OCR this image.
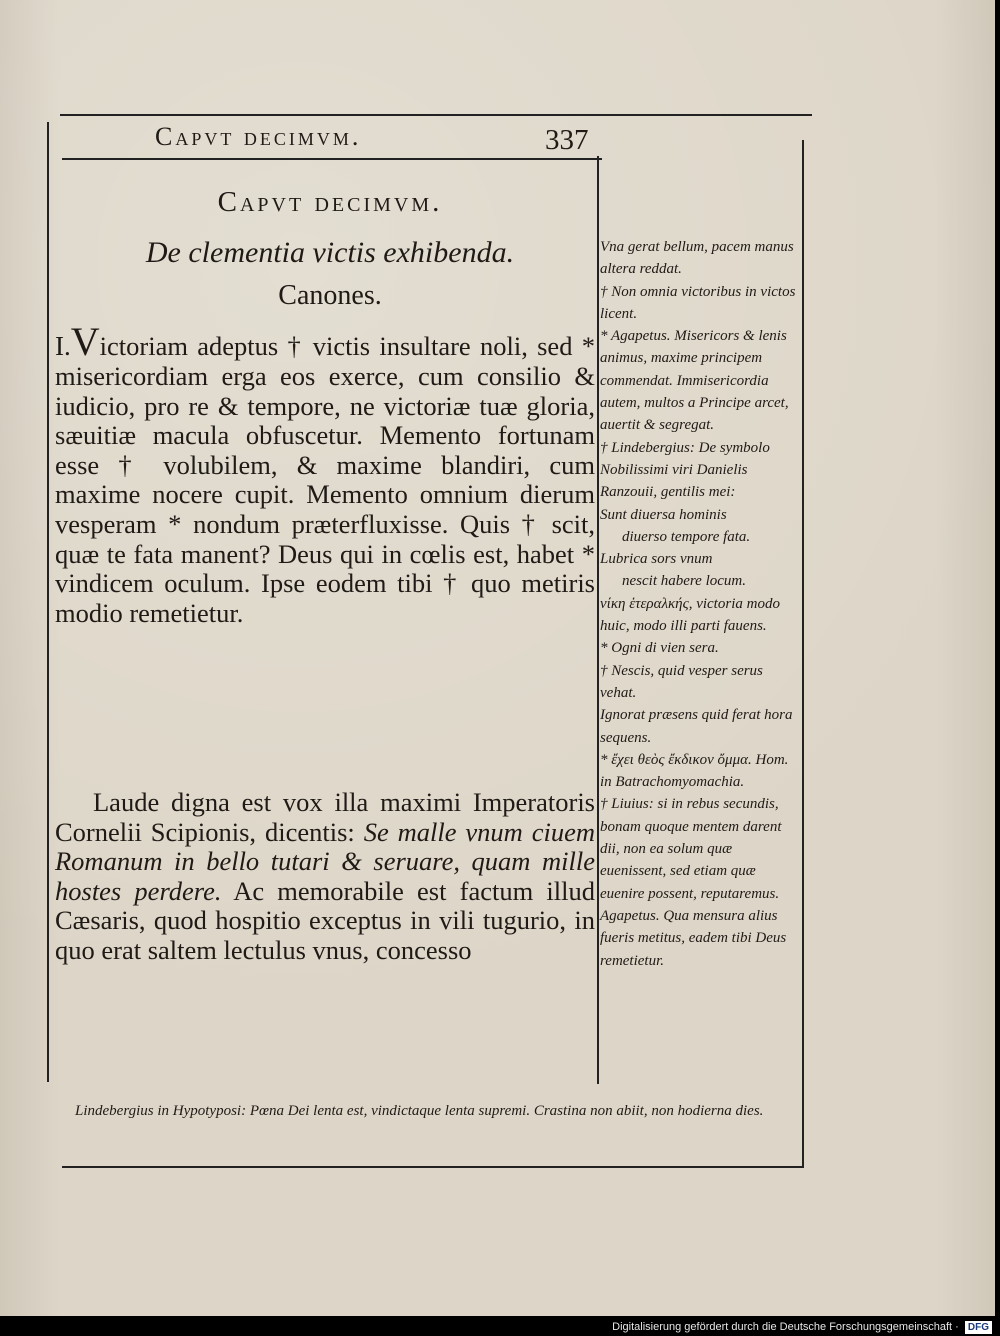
Capvt decimvm.	337
Capvt decimvm.
De clementia victis exhibenda.
Canones.
I.Victoriam adeptus † victis insultare noli, sed * misericordiam erga eos exerce, cum consilio & iudicio, pro re & tempore, ne victoriæ tuæ gloria, sæuitiæ macula obfuscetur. Memento fortunam esse † volubilem, & maxime blandiri, cum maxime nocere cupit. Memento omnium dierum vesperam * nondum præterfluxisse. Quis † scit, quæ te fata manent? Deus qui in cœlis est, habet * vindicem oculum. Ipse eodem tibi † quo metiris modio remetietur.
Laude digna est vox illa maximi Imperatoris Cornelii Scipionis, dicentis: Se malle vnum ciuem Romanum in bello tutari & seruare, quam mille hostes perdere. Ac memorabile est factum illud Cæsaris, quod hospitio exceptus in vili tugurio, in quo erat saltem lectulus vnus, concesso
Vna gerat bellum, pacem manus altera reddat.
† Non omnia victoribus in victos licent.
* Agapetus. Misericors & lenis animus, maxime principem commendat. Immisericordia autem, multos a Principe arcet, auertit & segregat.
† Lindebergius: De symbolo Nobilissimi viri Danielis Ranzouii, gentilis mei:
Sunt diuersa hominis
diuerso tempore fata.
Lubrica sors vnum
nescit habere locum.
νίκη ἑτεραλκής, victoria modo huic, modo illi parti fauens.
* Ogni di vien sera.
† Nescis, quid vesper serus vehat.
Ignorat præsens quid ferat hora sequens.
* ἔχει θεὸς ἔκδικον ὄμμα. Hom. in Batrachomyomachia.
† Liuius: si in rebus secundis, bonam quoque mentem darent dii, non ea solum quæ euenissent, sed etiam quæ euenire possent, reputaremus.
Agapetus. Qua mensura alius fueris metitus, eadem tibi Deus remetietur.
Lindebergius in Hypotyposi: Pœna Dei lenta est, vindictaque lenta supremi. Crastina non abiit, non hodierna dies.
Digitalisierung gefördert durch die Deutsche Forschungsgemeinschaft · DFG
